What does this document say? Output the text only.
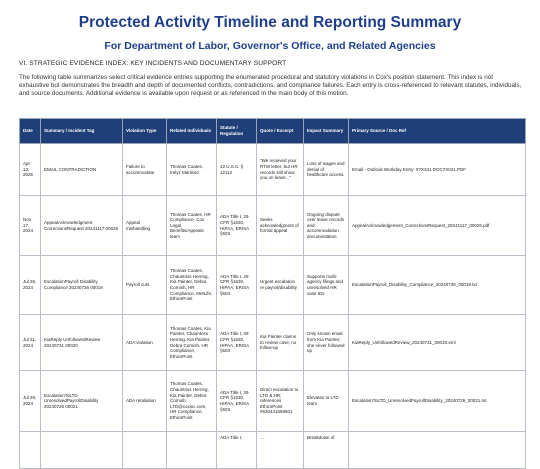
Protected Activity Timeline and Reporting Summary
For Department of Labor, Governor's Office, and Related Agencies

VI. STRATEGIC EVIDENCE INDEX: KEY INCIDENTS AND DOCUMENTARY SUPPORT

The following table summarizes select critical evidence entries supporting the enumerated procedural and statutory violations in Cox's position statement. This index is not exhaustive but demonstrates the breadth and depth of documented conflicts, contradictions, and compliance failures. Each entry is cross-referenced to relevant statutes, individuals, and source documents. Additional evidence is available upon request or as referenced in the main body of this motion.

Date	Summary / Incident Tag	Violation Type	Related Individuals	Statute / Regulation	Quote / Excerpt	Impact Summary	Primary Source / Doc Ref
Apr 13, 2025	EMAIL CONTRADICTION	Failure to accommodate	Thomas Coates, Irelyz Martinez	42 U.S.C. § 12112	"We received your RTW letter, but HR records still show you on leave..."	Loss of wages and denial of healthcare access.	Email - Outlook Workday Entry: #7X341 DOC7X041.PDF
Nov 17, 2024	AppealAcknowledgment CorrectionsRequest 20241117 00026	Appeal mishandling	Thomas Coates, HR Compliance, Cox Legal, Benefits/Appeals team	ADA Title I, 29 CFR §1630, HIPAA, ERISA §503	Seeks acknowledgment of formal appeal	Ongoing dispute over leave records and accommodation documentation	AppealAcknowledgement_CorrectionsRequest_20241117_00026.pdf
Jul 26, 2024	EscalationPayroll Disability Compliance 20240726 00019	Payroll cuts	Thomas Coates, Chauntriss Herring, Kia Painter, Debra Cornish, HR Compliance, MetLife, EthicsPoint	ADA Title I, 29 CFR §1630, HIPAA, ERISA §503	Urgent escalation re payroll/disability	Supports multi-agency filings and unresolved HR case IDs	EscalationPayroll_Disability_Compliance_20240726_00019.txt
Jul 31, 2024	KiaReply UnfollowedReview 20240731 00020	ADA violation	Thomas Coates, Kia Painter, Chauntriss Herring, Kia Painter, Debra Cornish, HR Compliance, EthicsPoint	ADA Title I, 29 CFR §1630, HIPAA, ERISA §503	Kia Painter claims to review case; no follow-up	Only known email from Kia Painter; she never followed up	KiaReply_UnfollowedReview_20240731_00020.eml
Jul 26, 2024	EscalationToLTD UnresolvedPayrollDisability 20240726 00021	ADA retaliation	Thomas Coates, Chauntriss Herring, Kia Painter, Debra Cornish, LTD@coxinc.com, HR Compliance, EthicsPoint	ADA Title I, 29 CFR §1630, HIPAA, ERISA §503	Direct escalation to LTD & HR; references EthicsPoint #630441559501	Elevates to LTD team	EscalationToLTD_UnresolvedPayrollDisability_20240726_00021.txt
				ADA Title I,	...	Breakdown of	
